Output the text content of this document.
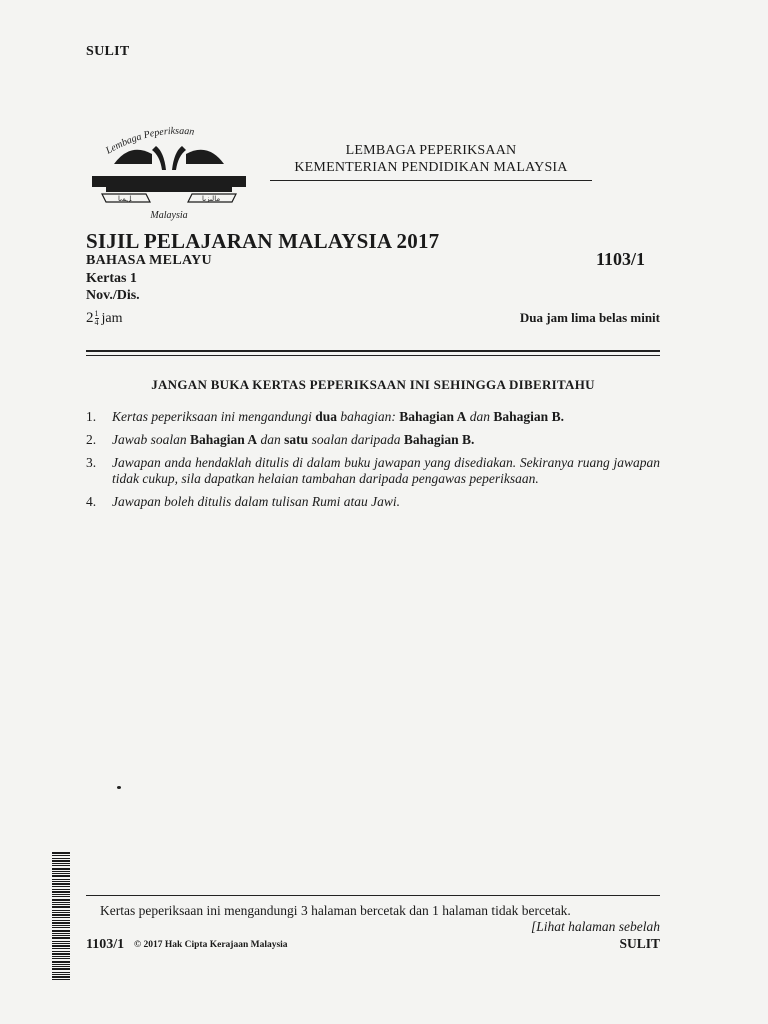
SULIT
Lembaga Peperiksaan
ﻞﻤﺑﺎ	ﻣﺎﻟﻴﺰﻳﺎ
Malaysia
LEMBAGA PEPERIKSAAN
KEMENTERIAN PENDIDIKAN MALAYSIA
SIJIL PELAJARAN MALAYSIA 2017
BAHASA MELAYU	1103/1
Kertas 1
Nov./Dis.
$2 \frac{1}{4}$ jam	Dua jam lima belas minit
JANGAN BUKA KERTAS PEPERIKSAAN INI SEHINGGA DIBERITAHU
1. Kertas peperiksaan ini mengandungi dua bahagian: Bahagian A dan Bahagian B.
2. Jawab soalan Bahagian A dan satu soalan daripada Bahagian B.
3. Jawapan anda hendaklah ditulis di dalam buku jawapan yang disediakan. Sekiranya ruang jawapan tidak cukup, sila dapatkan helaian tambahan daripada pengawas peperiksaan.
4. Jawapan boleh ditulis dalam tulisan Rumi atau Jawi.
Kertas peperiksaan ini mengandungi 3 halaman bercetak dan 1 halaman tidak bercetak.
[Lihat halaman sebelah
1103/1 © 2017 Hak Cipta Kerajaan Malaysia	SULIT
